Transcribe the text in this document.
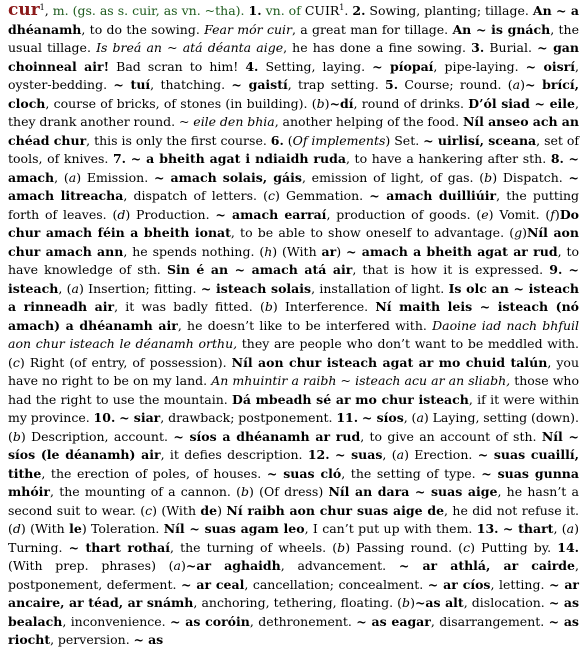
cur$^1$, m. (gs. as s. cuir, as vn. ~tha). 1. vn. of CUIR$^1$. 2. Sowing, planting; tillage. An ~ a dhéanamh, to do the sowing. Fear mór cuir, a great man for tillage. An ~ is gnách, the usual tillage. Is breá an ~ atá déanta aige, he has done a fine sowing. 3. Burial. ~ gan choinneal air! Bad scran to him! 4. Setting, laying. ~ píopaí, pipe-laying. ~ oisrí, oyster-bedding. ~ tuí, thatching. ~ gaistí, trap setting. 5. Course; round. (a)~ brící, cloch, course of bricks, of stones (in building). (b)~dí, round of drinks. D’ól siad ~ eile, they drank another round. ~ eile den bhia, another helping of the food. Níl anseo ach an chéad chur, this is only the first course. 6. (Of implements) Set. ~ uirlisí, sceana, set of tools, of knives. 7. ~ a bheith agat i ndiaidh ruda, to have a hankering after sth. 8. ~ amach, (a) Emission. ~ amach solais, gáis, emission of light, of gas. (b) Dispatch. ~ amach litreacha, dispatch of letters. (c) Gemmation. ~ amach duilliúir, the putting forth of leaves. (d) Production. ~ amach earraí, production of goods. (e) Vomit. (f)Do chur amach féin a bheith ionat, to be able to show oneself to advantage. (g)Níl aon chur amach ann, he spends nothing. (h) (With ar) ~ amach a bheith agat ar rud, to have knowledge of sth. Sin é an ~ amach atá air, that is how it is expressed. 9. ~ isteach, (a) Insertion; fitting. ~ isteach solais, installation of light. Is olc an ~ isteach a rinneadh air, it was badly fitted. (b) Interference. Ní maith leis ~ isteach (nó amach) a dhéanamh air, he doesn’t like to be interfered with. Daoine iad nach bhfuil aon chur isteach le déanamh orthu, they are people who don’t want to be meddled with. (c) Right (of entry, of possession). Níl aon chur isteach agat ar mo chuid talún, you have no right to be on my land. An mhuintir a raibh ~ isteach acu ar an sliabh, those who had the right to use the mountain. Dá mbeadh sé ar mo chur isteach, if it were within my province. 10. ~ siar, drawback; postponement. 11. ~ síos, (a) Laying, setting (down). (b) Description, account. ~ síos a dhéanamh ar rud, to give an account of sth. Níl ~ síos (le déanamh) air, it defies description. 12. ~ suas, (a) Erection. ~ suas cuaillí, tithe, the erection of poles, of houses. ~ suas cló, the setting of type. ~ suas gunna mhóir, the mounting of a cannon. (b) (Of dress) Níl an dara ~ suas aige, he hasn’t a second suit to wear. (c) (With de) Ní raibh aon chur suas aige de, he did not refuse it. (d) (With le) Toleration. Níl ~ suas agam leo, I can’t put up with them. 13. ~ thart, (a) Turning. ~ thart rothaí, the turning of wheels. (b) Passing round. (c) Putting by. 14. (With prep. phrases) (a)~ar aghaidh, advancement. ~ ar athlá, ar cairde, postponement, deferment. ~ ar ceal, cancellation; concealment. ~ ar cíos, letting. ~ ar ancaire, ar téad, ar snámh, anchoring, tethering, floating. (b)~as alt, dislocation. ~ as bealach, inconvenience. ~ as coróin, dethronement. ~ as eagar, disarrangement. ~ as riocht, perversion. ~ as
